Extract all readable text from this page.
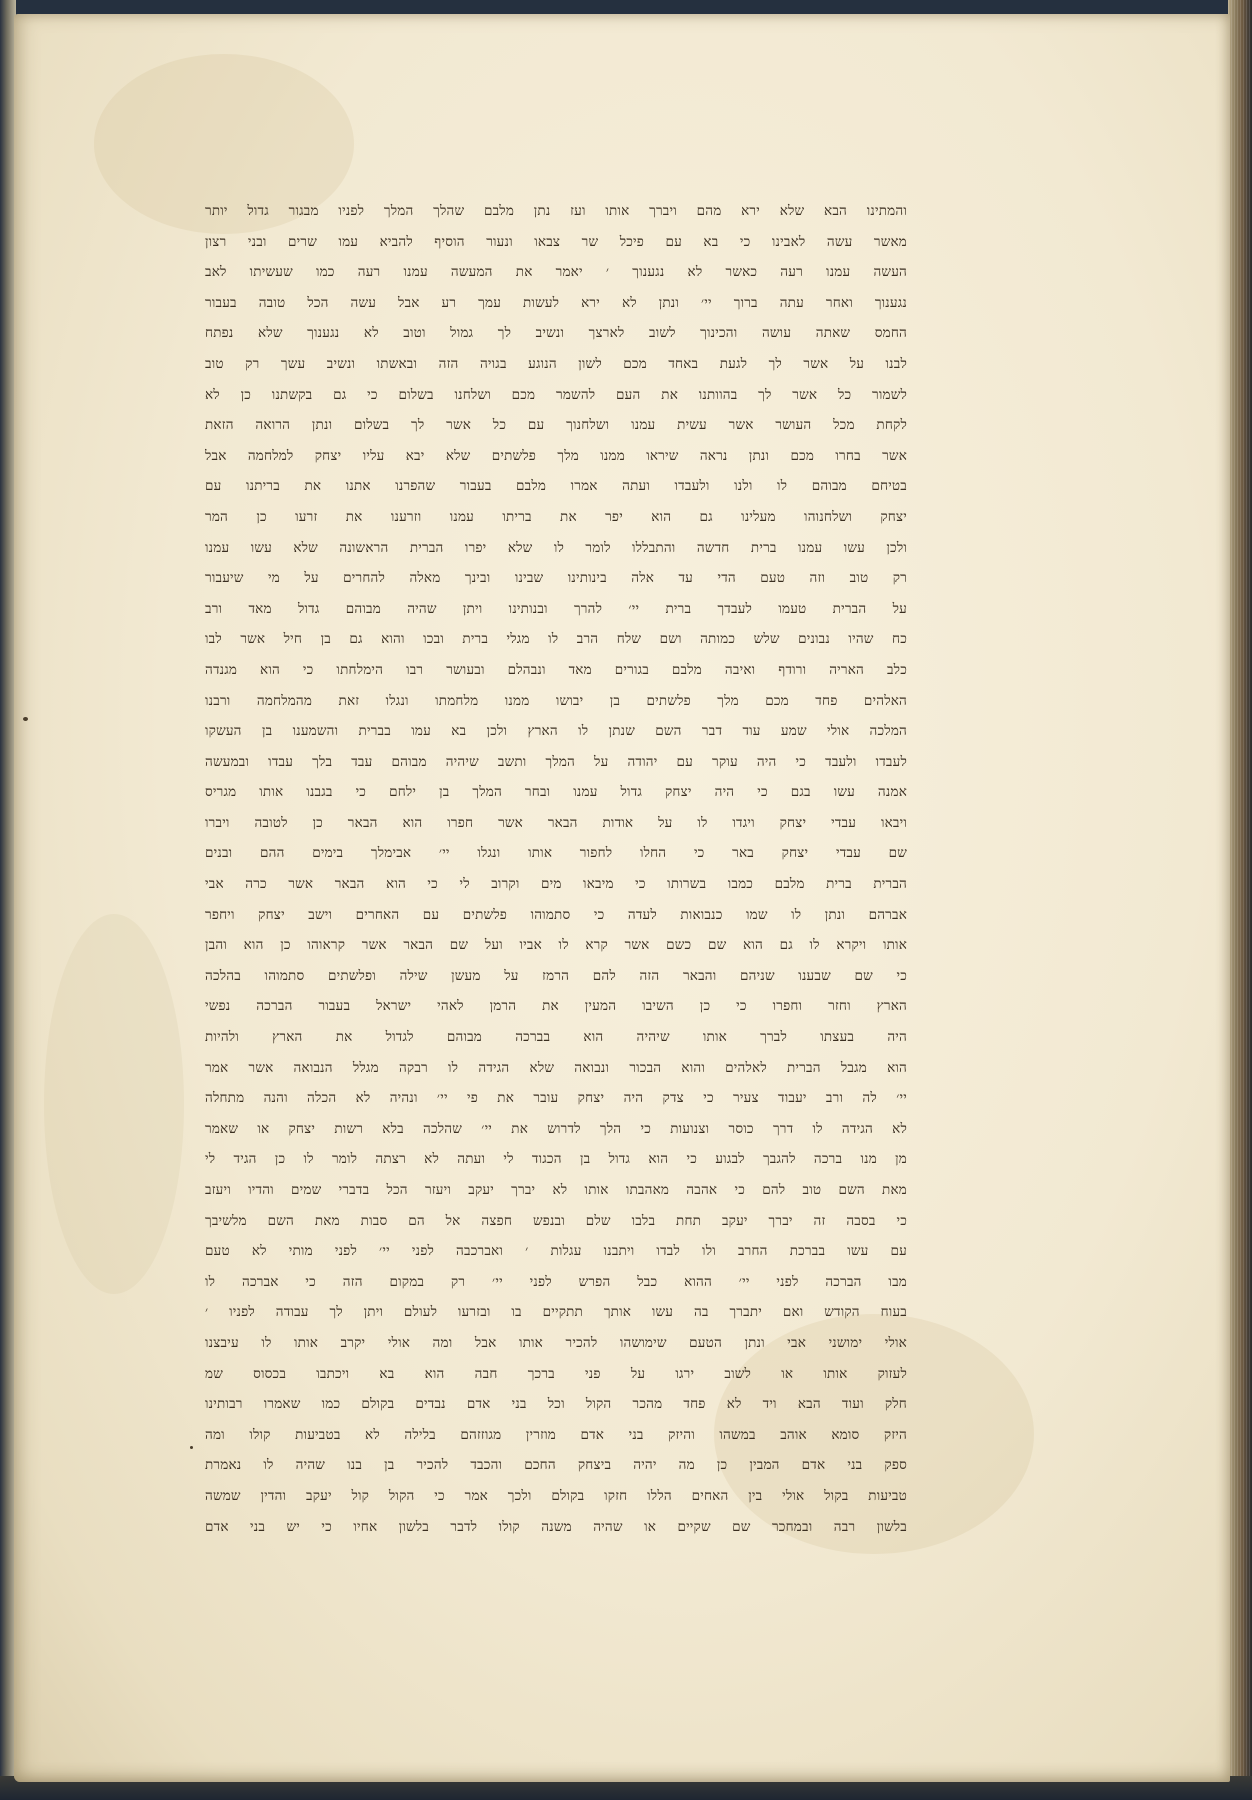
והמתינו הבא שלא ירא מהם ויברך אותו ועז נתן מלבם שהלך המלך לפניו מבגור גדול יותר
מאשר עשה לאבינו כי בא עם פיכל שר צבאו ונעור הוסיף להביא עמו שרים ובני רצון
העשה עמנו רעה כאשר לא נגענוך ׳ יאמר את המעשה עמנו רעה כמו שעשיתו לאב
נגענוך ואחר עתה ברוך יי׳ ונתן לא ירא לעשות עמך רע אבל עשה הכל טובה בעבור
החמס שאתה עושה והכינוך לשוב לארצך ונשיב לך גמול וטוב לא נגענוך שלא נפתח
לבנו על אשר לך לגעת באחד מכם לשון הנוגע בגויה הזה ובאשתו ונשיב עשך רק טוב
לשמור כל אשר לך בהוותנו את העם להשמר מכם ושלחנו בשלום כי גם בקשתנו כן לא
לקחת מכל העושר אשר עשית עמנו ושלחנוך עם כל אשר לך בשלום ונתן הרואה הזאת
אשר בחרו מכם ונתן נראה שיראו ממנו מלך פלשתים שלא יבא עליו יצחק למלחמה אבל
בטיחם מבוהם לו ולנו ולעבדו ועתה אמרו מלבם בעבור שהפרנו אתנו את בריתנו עם
יצחק ושלחנוהו מעלינו גם הוא יפר את בריתו עמנו וזרענו את זרעו כן המר
ולכן עשו עמנו ברית חדשה והתבללו לומר לו שלא יפרו הברית הראשונה שלא עשו עמנו
רק טוב וזה טעם הדי עד אלה בינותינו שבינו ובינך מאלה להחרים על מי שיעבור
על הברית טעמו לעבדך ברית יי׳ להרך ובנותינו ויתן שהיה מבוהם גדול מאד ורב
כח שהיו נבונים שלש כמותה ושם שלח הרב לו מגלי ברית ובכו והוא גם בן חיל אשר לבו
כלב האריה ורודף ואיבה מלבם בגורים מאד ונבהלם ובעושר רבו הימלחתו כי הוא מגנדה
האלהים פחד מכם מלך פלשתים בן יבושו ממנו מלחמתו ונגלו זאת מהמלחמה ורבנו
המלכה אולי שמע עוד דבר השם שנתן לו הארץ ולכן בא עמו בברית והשמענו בן העשקו
לעבדו ולעבד כי היה עוקר עם יהודה על המלך ותשב שיהיה מבוהם עבד בלך עבדו ובמעשה
אמנה עשו בגם כי היה יצחק גדול עמנו ובחר המלך בן ילחם כי בגבנו אותו מגריס
ויבאו עבדי יצחק ויגדו לו על אודות הבאר אשר חפרו הוא הבאר כן לטובה ויברו
שם עבדי יצחק באר כי החלו לחפור אותו ונגלו יי׳ אבימלך בימים ההם ובנים
הברית ברית מלבם כמבו בשרותו כי מיבאו מים וקרוב לי כי הוא הבאר אשר כרה אבי
אברהם ונתן לו שמו כנבואות לעדה כי סתמוהו פלשתים עם האחרים וישב יצחק ויחפר
אותו ויקרא לו גם הוא שם כשם אשר קרא לו אביו ועל שם הבאר אשר קראוהו כן הוא והבן
כי שם שבענו שניהם והבאר הזה להם הרמז על מעשן שילה ופלשתים סתמוהו בהלכה
הארץ וחזר וחפרו כי כן השיבו המעין את הרמן לאהי ישראל בעבור הברכה נפשי
היה בעצתו לברך אותו שיהיה הוא בברכה מבוהם לגדול את הארץ ולהיות
הוא מגבל הברית לאלהים והוא הבכור ונבואה שלא הגידה לו רבקה מגלל הנבואה אשר אמר
יי׳ לה ורב יעבוד צעיר כי צדק היה יצחק עובר את פי יי׳ ונהיה לא הכלה והנה מתחלה
לא הגידה לו דרך כוסר וצנועות כי הלך לדרוש את יי׳ שהלכה בלא רשות יצחק או שאמר
מן מנו ברכה להגבך לבגוע כי הוא גדול בן הכגוד לי ועתה לא רצתה לומר לו כן הגיד לי
מאת השם טוב להם כי אהבה מאהבתו אותו לא יברך יעקב ויעזר הכל בדברי שמים והדיו ויעזב
כי בסבה זה יברך יעקב תחת בלבו שלם ובנפש חפצה אל הם סבות מאת השם מלשיבך
עם עשו בברכת החרב ולו לבדו ויתבנו עגלות ׳ ואברכבה לפני יי׳ לפני מותי לא טעם
מבו הברכה לפני יי׳ ההוא כבל הפרש לפני יי׳ רק במקום הזה כי אברכה לו
בעוח הקודש ואם יתברך בה עשו אותך תתקיים בו ובזרעו לעולם ויתן לך עבודה לפניו ׳
אולי ימושני אבי ונתן הטעם שימושהו להכיר אותו אבל ומה אולי יקרב אותו לו עיבצנו
לעזוק אותו או לשוב ירגו על פני ברכך חבה הוא בא ויכתבו בכסוס שמ
חלק ועוד הבא ויד לא פחד מהכר הקול וכל בני אדם נבדים בקולם כמו שאמרו רבותינו
היזק סומא אוהב במשהו והיזק בני אדם מוזרין מגוזזהם בלילה לא בטביעות קולו ומה
ספק בני אדם המבין כן מה יהיה ביצחק החכם והכבד להכיר בן בנו שהיה לו נאמרת
טביעות בקול אולי בין האחים הללו חזקו בקולם ולכך אמר כי הקול קול יעקב והדין שמשה
בלשון רבה ובמחכר שם שקיים או שהיה משנה קולו לדבר בלשון אחיו כי יש בני אדם
